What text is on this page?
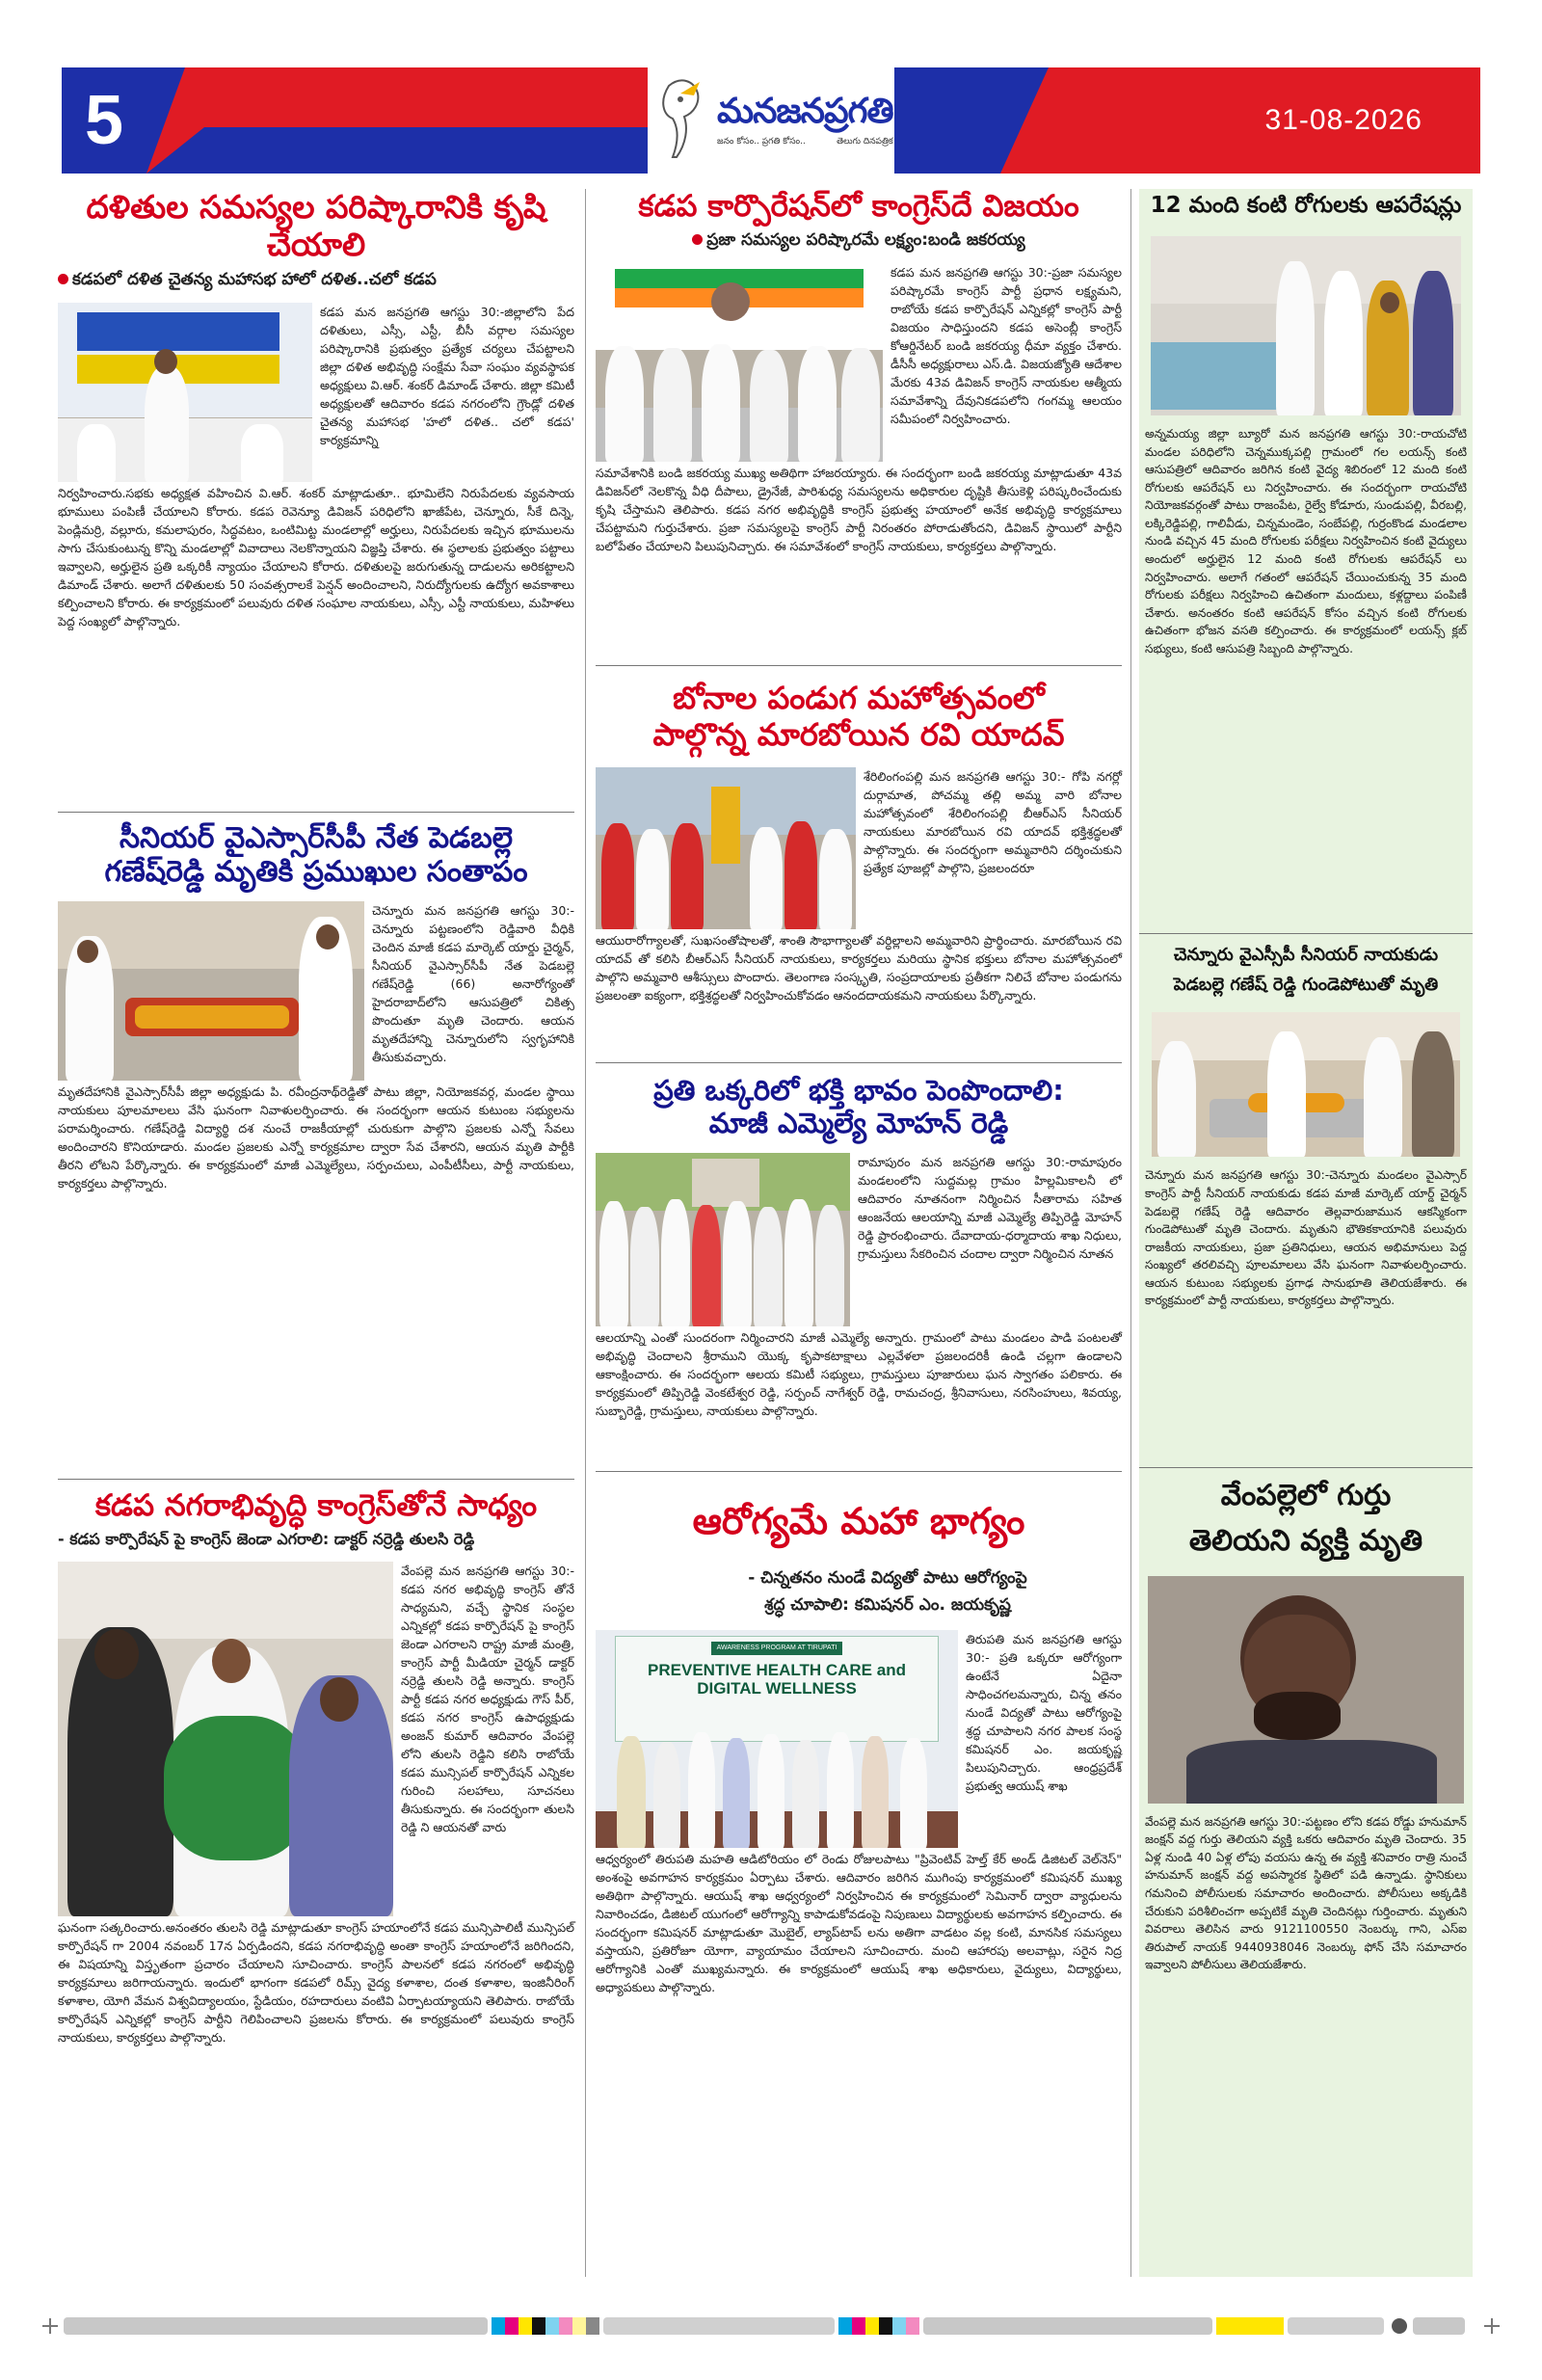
5	మనజనప్రగతి
జనం కోసం.. ప్రగతి కోసం..	తెలుగు దినపత్రిక
31-08-2026
దళితుల సమస్యల పరిష్కారానికి కృషి చేయాలి
కడపలో దళిత చైతన్య మహాసభ హాలో దళిత..చలో కడప
కడప మన జనప్రగతి ఆగస్టు 30:-జిల్లాలోని పేద దళితులు, ఎస్సీ, ఎస్టీ, బీసీ వర్గాల సమస్యల పరిష్కారానికి ప్రభుత్వం ప్రత్యేక చర్యలు చేపట్టాలని జిల్లా దళిత అభివృద్ధి సంక్షేమ సేవా సంఘం వ్యవస్థాపక అధ్యక్షులు వి.ఆర్. శంకర్ డిమాండ్ చేశారు. జిల్లా కమిటీ అధ్యక్షులతో ఆదివారం కడప నగరంలోని గ్రౌండ్లో దళిత చైతన్య మహాసభ 'హలో దళిత.. చలో కడప' కార్యక్రమాన్ని
నిర్వహించారు.సభకు అధ్యక్షత వహించిన వి.ఆర్. శంకర్ మాట్లాడుతూ.. భూమిలేని నిరుపేదలకు వ్యవసాయ భూములు పంపిణీ చేయాలని కోరారు. కడప రెవెన్యూ డివిజన్ పరిధిలోని ఖాజీపేట, చెన్నూరు, సీకే దిన్నె, పెండ్లిమర్రి, వల్లూరు, కమలాపురం, సిద్ధవటం, ఒంటిమిట్ట మండలాల్లో అర్హులు, నిరుపేదలకు ఇచ్చిన భూములను సాగు చేసుకుంటున్న కొన్ని మండలాల్లో వివాదాలు నెలకొన్నాయని విజ్ఞప్తి చేశారు. ఈ స్థలాలకు ప్రభుత్వం పట్టాలు ఇవ్వాలని, అర్హులైన ప్రతి ఒక్కరికీ న్యాయం చేయాలని కోరారు. దళితులపై జరుగుతున్న దాడులను అరికట్టాలని డిమాండ్ చేశారు. అలాగే దళితులకు 50 సంవత్సరాలకే పెన్షన్ అందించాలని, నిరుద్యోగులకు ఉద్యోగ అవకాశాలు కల్పించాలని కోరారు. ఈ కార్యక్రమంలో పలువురు దళిత సంఘాల నాయకులు, ఎస్సీ, ఎస్టీ నాయకులు, మహిళలు పెద్ద సంఖ్యలో పాల్గొన్నారు.
సీనియర్ వైఎస్సార్‌సీపీ నేత పెడబల్లె
గణేష్‌రెడ్డి మృతికి ప్రముఖుల సంతాపం
చెన్నూరు మన జనప్రగతి ఆగస్టు 30:-చెన్నూరు పట్టణంలోని రెడ్డివారి వీధికి చెందిన మాజీ కడప మార్కెట్ యార్డు చైర్మన్, సీనియర్ వైఎస్సార్‌సీపీ నేత పెడబల్లె గణేష్‌రెడ్డి (66) అనారోగ్యంతో హైదరాబాద్‌లోని ఆసుపత్రిలో చికిత్స పొందుతూ మృతి చెందారు. ఆయన మృతదేహాన్ని చెన్నూరులోని స్వగృహానికి తీసుకువచ్చారు.
మృతదేహానికి వైఎస్సార్‌సీపీ జిల్లా అధ్యక్షుడు పి. రవీంద్రనాథ్‌రెడ్డితో పాటు జిల్లా, నియోజకవర్గ, మండల స్థాయి నాయకులు పూలమాలలు వేసి ఘనంగా నివాళులర్పించారు. ఈ సందర్భంగా ఆయన కుటుంబ సభ్యులను పరామర్శించారు. గణేష్‌రెడ్డి విద్యార్థి దశ నుంచే రాజకీయాల్లో చురుకుగా పాల్గొని ప్రజలకు ఎన్నో సేవలు అందించారని కొనియాడారు. మండల ప్రజలకు ఎన్నో కార్యక్రమాల ద్వారా సేవ చేశారని, ఆయన మృతి పార్టీకి తీరని లోటని పేర్కొన్నారు. ఈ కార్యక్రమంలో మాజీ ఎమ్మెల్యేలు, సర్పంచులు, ఎంపీటీసీలు, పార్టీ నాయకులు, కార్యకర్తలు పాల్గొన్నారు.
కడప నగరాభివృద్ధి కాంగ్రెస్‌తోనే సాధ్యం
- కడప కార్పొరేషన్ పై కాంగ్రెస్ జెండా ఎగరాలి: డాక్టర్ నర్రెడ్డి తులసి రెడ్డి
వేంపల్లె మన జనప్రగతి ఆగస్టు 30:- కడప నగర అభివృద్ధి కాంగ్రెస్ తోనే సాధ్యమని, వచ్చే స్థానిక సంస్థల ఎన్నికల్లో కడప కార్పొరేషన్ పై కాంగ్రెస్ జెండా ఎగరాలని రాష్ట్ర మాజీ మంత్రి, కాంగ్రెస్ పార్టీ మీడియా చైర్మన్ డాక్టర్ నర్రెడ్డి తులసి రెడ్డి అన్నారు. కాంగ్రెస్ పార్టీ కడప నగర అధ్యక్షుడు గౌస్ పీర్, కడప నగర కాంగ్రెస్ ఉపాధ్యక్షుడు అంజన్ కుమార్ ఆదివారం వేంపల్లె లోని తులసి రెడ్డిని కలిసి రాబోయే కడప మున్సిపల్ కార్పొరేషన్ ఎన్నికల గురించి సలహాలు, సూచనలు తీసుకున్నారు. ఈ సందర్భంగా తులసి రెడ్డి ని ఆయనతో వారు
ఘనంగా సత్కరించారు.అనంతరం తులసి రెడ్డి మాట్లాడుతూ కాంగ్రెస్ హయాంలోనే కడప మున్సిపాలిటీ మున్సిపల్ కార్పొరేషన్ గా 2004 నవంబర్ 17న ఏర్పడిందని, కడప నగరాభివృద్ధి అంతా కాంగ్రెస్ హయాంలోనే జరిగిందని, ఈ విషయాన్ని విస్తృతంగా ప్రచారం చేయాలని సూచించారు. కాంగ్రెస్ పాలనలో కడప నగరంలో అభివృద్ధి కార్యక్రమాలు జరిగాయన్నారు. ఇందులో భాగంగా కడపలో రిమ్స్ వైద్య కళాశాల, దంత కళాశాల, ఇంజినీరింగ్ కళాశాల, యోగి వేమన విశ్వవిద్యాలయం, స్టేడియం, రహదారులు వంటివి ఏర్పాటయ్యాయని తెలిపారు. రాబోయే కార్పొరేషన్ ఎన్నికల్లో కాంగ్రెస్ పార్టీని గెలిపించాలని ప్రజలను కోరారు. ఈ కార్యక్రమంలో పలువురు కాంగ్రెస్ నాయకులు, కార్యకర్తలు పాల్గొన్నారు.
కడప కార్పొరేషన్‌లో కాంగ్రెస్‌దే విజయం
ప్రజా సమస్యల పరిష్కారమే లక్ష్యం:బండి జకరయ్య
కడప మన జనప్రగతి ఆగస్టు 30:-ప్రజా సమస్యల పరిష్కారమే కాంగ్రెస్ పార్టీ ప్రధాన లక్ష్యమని, రాబోయే కడప కార్పొరేషన్ ఎన్నికల్లో కాంగ్రెస్ పార్టీ విజయం సాధిస్తుందని కడప అసెంబ్లీ కాంగ్రెస్ కోఆర్డినేటర్ బండి జకరయ్య ధీమా వ్యక్తం చేశారు. డీసీసీ అధ్యక్షురాలు ఎస్.డి. విజయజ్యోతి ఆదేశాల మేరకు 43వ డివిజన్ కాంగ్రెస్ నాయకుల ఆత్మీయ సమావేశాన్ని దేవునికడపలోని గంగమ్మ ఆలయం సమీపంలో నిర్వహించారు.
సమావేశానికి బండి జకరయ్య ముఖ్య అతిథిగా హాజరయ్యారు. ఈ సందర్భంగా బండి జకరయ్య మాట్లాడుతూ 43వ డివిజన్‌లో నెలకొన్న వీధి దీపాలు, డ్రైనేజీ, పారిశుధ్య సమస్యలను అధికారుల దృష్టికి తీసుకెళ్లి పరిష్కరించేందుకు కృషి చేస్తామని తెలిపారు. కడప నగర అభివృద్ధికి కాంగ్రెస్ ప్రభుత్వ హయాంలో అనేక అభివృద్ధి కార్యక్రమాలు చేపట్టామని గుర్తుచేశారు. ప్రజా సమస్యలపై కాంగ్రెస్ పార్టీ నిరంతరం పోరాడుతోందని, డివిజన్ స్థాయిలో పార్టీని బలోపేతం చేయాలని పిలుపునిచ్చారు. ఈ సమావేశంలో కాంగ్రెస్ నాయకులు, కార్యకర్తలు పాల్గొన్నారు.
బోనాల పండుగ మహోత్సవంలో
పాల్గొన్న మారబోయిన రవి యాదవ్
శేరిలింగంపల్లి మన జనప్రగతి ఆగస్టు 30:- గోపి నగర్లో దుర్గామాత, పోచమ్మ తల్లి అమ్మ వారి బోనాల మహోత్సవంలో శేరిలింగంపల్లి బీఆర్‌ఎస్ సీనియర్ నాయకులు మారబోయిన రవి యాదవ్ భక్తిశ్రద్ధలతో పాల్గొన్నారు. ఈ సందర్భంగా అమ్మవారిని దర్శించుకుని ప్రత్యేక పూజల్లో పాల్గొని, ప్రజలందరూ
ఆయురారోగ్యాలతో, సుఖసంతోషాలతో, శాంతి సౌభాగ్యాలతో వర్ధిల్లాలని అమ్మవారిని ప్రార్థించారు. మారబోయిన రవి యాదవ్ తో కలిసి బీఆర్‌ఎస్ సీనియర్ నాయకులు, కార్యకర్తలు మరియు స్థానిక భక్తులు బోనాల మహోత్సవంలో పాల్గొని అమ్మవారి ఆశీస్సులు పొందారు. తెలంగాణ సంస్కృతి, సంప్రదాయాలకు ప్రతీకగా నిలిచే బోనాల పండుగను ప్రజలంతా ఐక్యంగా, భక్తిశ్రద్ధలతో నిర్వహించుకోవడం ఆనందదాయకమని నాయకులు పేర్కొన్నారు.
ప్రతి ఒక్కరిలో భక్తి భావం పెంపొందాలి:
మాజీ ఎమ్మెల్యే మోహన్ రెడ్డి
రామాపురం మన జనప్రగతి ఆగస్టు 30:-రామాపురం మండలంలోని సుద్దమల్ల గ్రామం హిల్లమికాలనీ లో ఆదివారం నూతనంగా నిర్మించిన సీతారామ సహిత ఆంజనేయ ఆలయాన్ని మాజీ ఎమ్మెల్యే తిప్పిరెడ్డి మోహన్ రెడ్డి ప్రారంభించారు. దేవాదాయ-ధర్మాదాయ శాఖ నిధులు, గ్రామస్తులు సేకరించిన చందాల ద్వారా నిర్మించిన నూతన
ఆలయాన్ని ఎంతో సుందరంగా నిర్మించారని మాజీ ఎమ్మెల్యే అన్నారు. గ్రామంలో పాటు మండలం పాడి పంటలతో అభివృద్ధి చెందాలని శ్రీరాముని యొక్క కృపాకటాక్షాలు ఎల్లవేళలా ప్రజలందరికీ ఉండి చల్లగా ఉండాలని ఆకాంక్షించారు. ఈ సందర్భంగా ఆలయ కమిటీ సభ్యులు, గ్రామస్తులు పూజారులు ఘన స్వాగతం పలికారు. ఈ కార్యక్రమంలో తిప్పిరెడ్డి వెంకటేశ్వర రెడ్డి, సర్పంచ్ నాగేశ్వర్ రెడ్డి, రామచంద్ర, శ్రీనివాసులు, నరసింహులు, శివయ్య, సుబ్బారెడ్డి, గ్రామస్తులు, నాయకులు పాల్గొన్నారు.
ఆరోగ్యమే మహా భాగ్యం
- చిన్నతనం నుండే విద్యతో పాటు ఆరోగ్యంపై
శ్రద్ధ చూపాలి: కమిషనర్ ఎం. జయకృష్ణ
AWARENESS PROGRAM AT TIRUPATI
PREVENTIVE HEALTH CARE and DIGITAL WELLNESS
తిరుపతి మన జనప్రగతి ఆగస్టు 30:- ప్రతి ఒక్కరూ ఆరోగ్యంగా ఉంటేనే ఏదైనా సాధించగలమన్నారు, చిన్న తనం నుండే విద్యతో పాటు ఆరోగ్యంపై శ్రద్ధ చూపాలని నగర పాలక సంస్థ కమిషనర్ ఎం. జయకృష్ణ పిలుపునిచ్చారు. ఆంధ్రప్రదేశ్ ప్రభుత్వ ఆయుష్ శాఖ
ఆధ్వర్యంలో తిరుపతి మహతి ఆడిటోరియం లో రెండు రోజులపాటు "ప్రివెంటివ్ హెల్త్ కేర్ అండ్ డిజిటల్ వెల్‌నెస్" అంశంపై అవగాహన కార్యక్రమం ఏర్పాటు చేశారు. ఆదివారం జరిగిన ముగింపు కార్యక్రమంలో కమిషనర్ ముఖ్య అతిథిగా పాల్గొన్నారు. ఆయుష్ శాఖ ఆధ్వర్యంలో నిర్వహించిన ఈ కార్యక్రమంలో సెమినార్ ద్వారా వ్యాధులను నివారించడం, డిజిటల్ యుగంలో ఆరోగ్యాన్ని కాపాడుకోవడంపై నిపుణులు విద్యార్థులకు అవగాహన కల్పించారు. ఈ సందర్భంగా కమిషనర్ మాట్లాడుతూ మొబైల్, ల్యాప్‌టాప్ లను అతిగా వాడటం వల్ల కంటి, మానసిక సమస్యలు వస్తాయని, ప్రతిరోజూ యోగా, వ్యాయామం చేయాలని సూచించారు. మంచి ఆహారపు అలవాట్లు, సరైన నిద్ర ఆరోగ్యానికి ఎంతో ముఖ్యమన్నారు. ఈ కార్యక్రమంలో ఆయుష్ శాఖ అధికారులు, వైద్యులు, విద్యార్థులు, అధ్యాపకులు పాల్గొన్నారు.
12 మంది కంటి రోగులకు ఆపరేషన్లు
అన్నమయ్య జిల్లా బ్యూరో మన జనప్రగతి ఆగస్టు 30:-రాయచోటి మండల పరిధిలోని చెన్నముక్కపల్లి గ్రామంలో గల లయన్స్ కంటి ఆసుపత్రిలో ఆదివారం జరిగిన కంటి వైద్య శిబిరంలో 12 మంది కంటి రోగులకు ఆపరేషన్ లు నిర్వహించారు. ఈ సందర్భంగా రాయచోటి నియోజకవర్గంతో పాటు రాజంపేట, రైల్వే కోడూరు, సుండుపల్లి, వీరబల్లి, లక్కిరెడ్డిపల్లి, గాలివీడు, చిన్నమండెం, సంబేపల్లి, గుర్రంకొండ మండలాల నుండి వచ్చిన 45 మంది రోగులకు పరీక్షలు నిర్వహించిన కంటి వైద్యులు అందులో అర్హులైన 12 మంది కంటి రోగులకు ఆపరేషన్ లు నిర్వహించారు. అలాగే గతంలో ఆపరేషన్ చేయించుకున్న 35 మంది రోగులకు పరీక్షలు నిర్వహించి ఉచితంగా మందులు, కళ్లద్దాలు పంపిణీ చేశారు. అనంతరం కంటి ఆపరేషన్ కోసం వచ్చిన కంటి రోగులకు ఉచితంగా భోజన వసతి కల్పించారు. ఈ కార్యక్రమంలో లయన్స్ క్లబ్ సభ్యులు, కంటి ఆసుపత్రి సిబ్బంది పాల్గొన్నారు.
చెన్నూరు వైఎస్సీపీ సీనియర్ నాయకుడు
పెడబల్లె గణేష్ రెడ్డి గుండెపోటుతో మృతి
చెన్నూరు మన జనప్రగతి ఆగస్టు 30:-చెన్నూరు మండలం వైఎస్సార్ కాంగ్రెస్ పార్టీ సీనియర్ నాయకుడు కడప మాజీ మార్కెట్ యార్డ్ చైర్మన్ పెడబల్లె గణేష్ రెడ్డి ఆదివారం తెల్లవారుజామున ఆకస్మికంగా గుండెపోటుతో మృతి చెందారు. మృతుని భౌతికకాయానికి పలువురు రాజకీయ నాయకులు, ప్రజా ప్రతినిధులు, ఆయన అభిమానులు పెద్ద సంఖ్యలో తరలివచ్చి పూలమాలలు వేసి ఘనంగా నివాళులర్పించారు. ఆయన కుటుంబ సభ్యులకు ప్రగాఢ సానుభూతి తెలియజేశారు. ఈ కార్యక్రమంలో పార్టీ నాయకులు, కార్యకర్తలు పాల్గొన్నారు.
వేంపల్లెలో గుర్తు
తెలియని వ్యక్తి మృతి
వేంపల్లె మన జనప్రగతి ఆగస్టు 30:-పట్టణం లోని కడప రోడ్డు హనుమాన్ జంక్షన్ వద్ద గుర్తు తెలియని వ్యక్తి ఒకరు ఆదివారం మృతి చెందారు. 35 ఏళ్ల నుండి 40 ఏళ్ల లోపు వయసు ఉన్న ఈ వ్యక్తి శనివారం రాత్రి నుంచే హనుమాన్ జంక్షన్ వద్ద అపస్మారక స్థితిలో పడి ఉన్నాడు. స్థానికులు గమనించి పోలీసులకు సమాచారం అందించారు. పోలీసులు అక్కడికి చేరుకుని పరిశీలించగా అప్పటికే మృతి చెందినట్లు గుర్తించారు. మృతుని వివరాలు తెలిసిన వారు 9121100550 నెంబర్కు గాని, ఎస్ఐ తిరుపాల్ నాయక్ 9440938046 నెంబర్కు ఫోన్ చేసి సమాచారం ఇవ్వాలని పోలీసులు తెలియజేశారు.
